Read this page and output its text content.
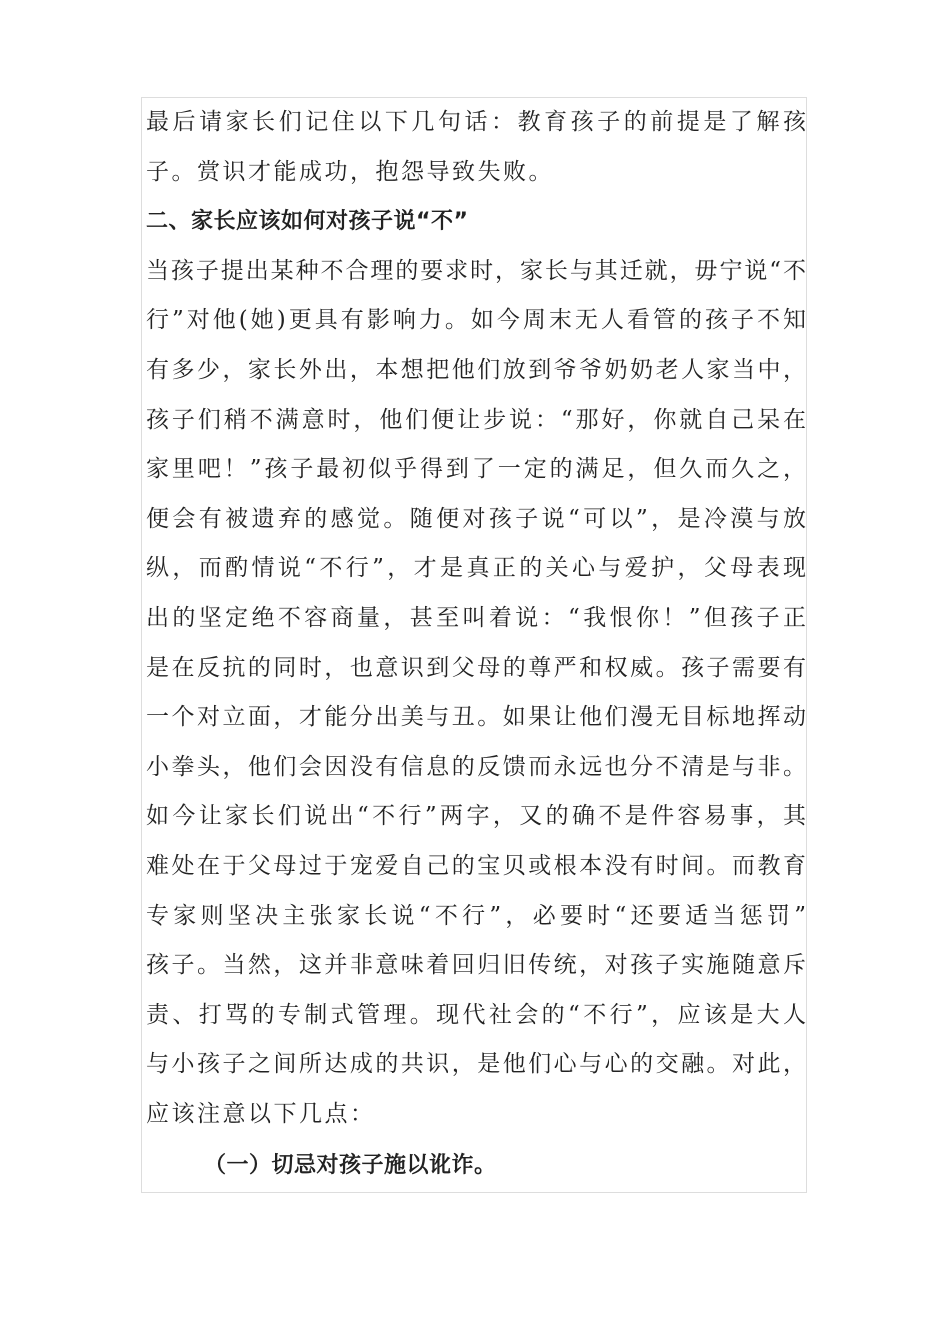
最后请家长们记住以下几句话：教育孩子的前提是了解孩
子。赏识才能成功，抱怨导致失败。
二、家长应该如何对孩子说“不”
当孩子提出某种不合理的要求时，家长与其迁就，毋宁说“不
行”对他(她)更具有影响力。如今周末无人看管的孩子不知
有多少，家长外出，本想把他们放到爷爷奶奶老人家当中，
孩子们稍不满意时，他们便让步说：“那好，你就自己呆在
家里吧！”孩子最初似乎得到了一定的满足，但久而久之，
便会有被遗弃的感觉。随便对孩子说“可以”，是冷漠与放
纵，而酌情说“不行”，才是真正的关心与爱护，父母表现
出的坚定绝不容商量，甚至叫着说：“我恨你！”但孩子正
是在反抗的同时，也意识到父母的尊严和权威。孩子需要有
一个对立面，才能分出美与丑。如果让他们漫无目标地挥动
小拳头，他们会因没有信息的反馈而永远也分不清是与非。
如今让家长们说出“不行”两字，又的确不是件容易事，其
难处在于父母过于宠爱自己的宝贝或根本没有时间。而教育
专家则坚决主张家长说“不行”，必要时“还要适当惩罚”
孩子。当然，这并非意味着回归旧传统，对孩子实施随意斥
责、打骂的专制式管理。现代社会的“不行”，应该是大人
与小孩子之间所达成的共识，是他们心与心的交融。对此，
应该注意以下几点：
（一）切忌对孩子施以讹诈。
